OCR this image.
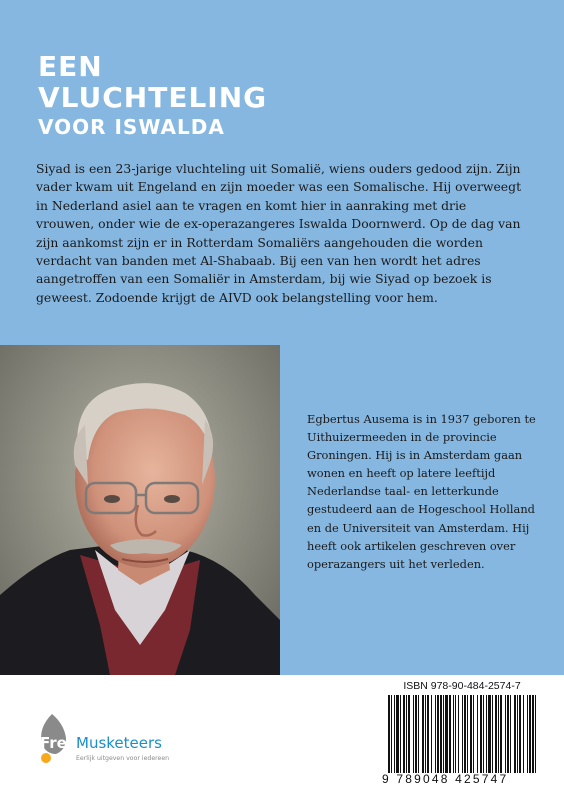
EEN
VLUCHTELING
VOOR ISWALDA
Siyad is een 23-jarige vluchteling uit Somalië, wiens ouders gedood zijn. Zijn vader kwam uit Engeland en zijn moeder was een Somalische. Hij overweegt in Nederland asiel aan te vragen en komt hier in aanraking met drie vrouwen, onder wie de ex-operazangeres Iswalda Doornwerd. Op de dag van zijn aankomst zijn er in Rotterdam Somaliërs aangehouden die worden verdacht van banden met Al-Shabaab. Bij een van hen wordt het adres aangetroffen van een Somaliër in Amsterdam, bij wie Siyad op bezoek is geweest. Zodoende krijgt de AIVD ook belangstelling voor hem.
Egbertus Ausema is in 1937 geboren te Uithuizermeeden in de provincie Groningen. Hij is in Amsterdam gaan wonen en heeft op latere leeftijd Nederlandse taal- en letterkunde gestudeerd aan de Hogeschool Holland en de Universiteit van Amsterdam. Hij heeft ook artikelen geschreven over operazangers uit het verleden.
Free
Musketeers
Eerlijk uitgeven voor iedereen
ISBN 978-90-484-2574-7
9 789048 425747
